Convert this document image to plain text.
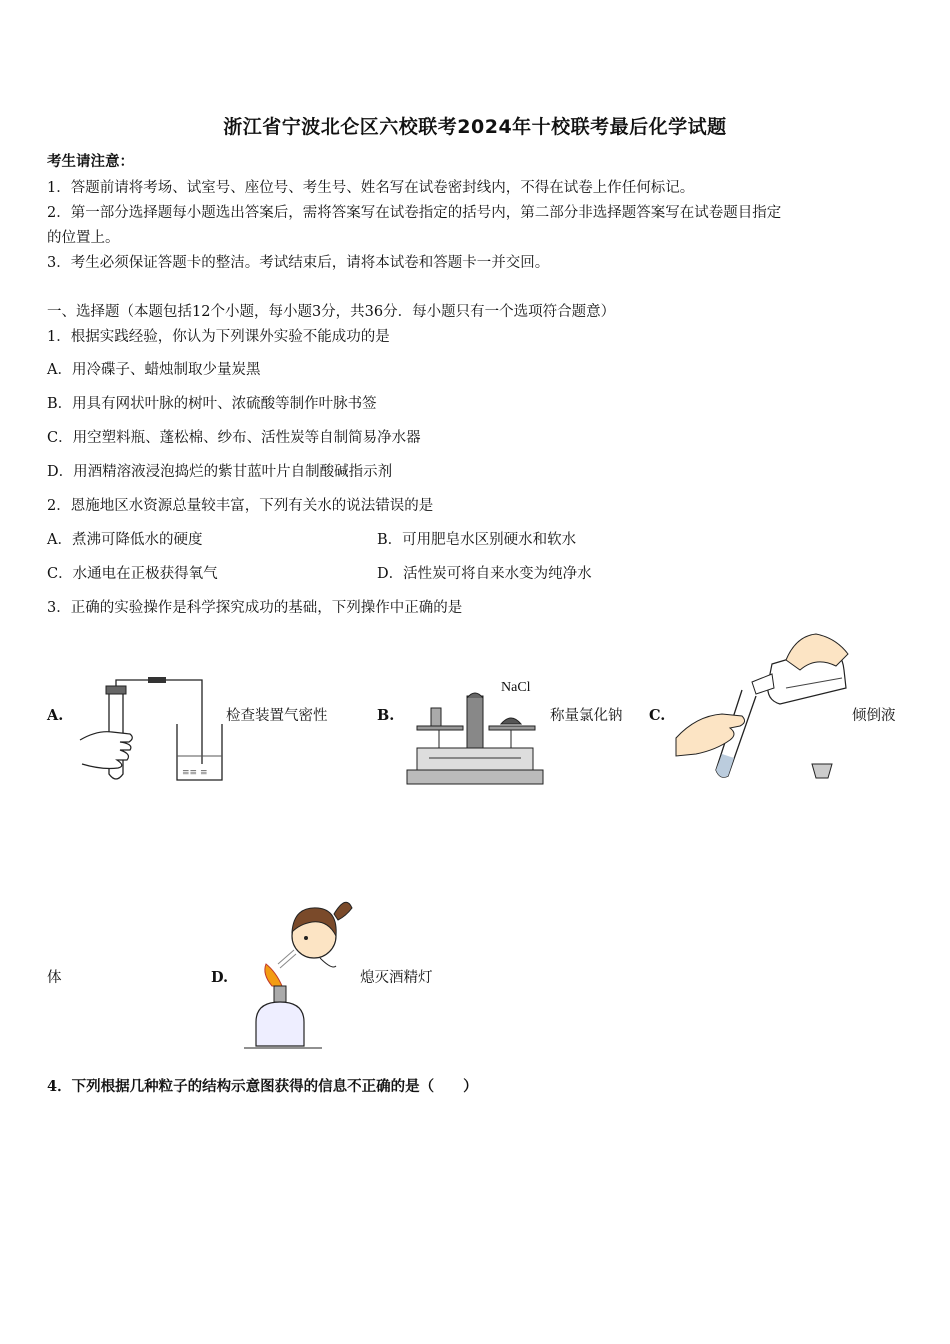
浙江省宁波北仑区六校联考2024年十校联考最后化学试题
考生请注意：
1．答题前请将考场、试室号、座位号、考生号、姓名写在试卷密封线内，不得在试卷上作任何标记。
2．第一部分选择题每小题选出答案后，需将答案写在试卷指定的括号内，第二部分非选择题答案写在试卷题目指定
的位置上。
3．考生必须保证答题卡的整洁。考试结束后，请将本试卷和答题卡一并交回。
一、选择题（本题包括12个小题，每小题3分，共36分．每小题只有一个选项符合题意）
1．根据实践经验，你认为下列课外实验不能成功的是
A．用冷碟子、蜡烛制取少量炭黑
B．用具有网状叶脉的树叶、浓硫酸等制作叶脉书签
C．用空塑料瓶、蓬松棉、纱布、活性炭等自制简易净水器
D．用酒精溶液浸泡捣烂的紫甘蓝叶片自制酸碱指示剂
2．恩施地区水资源总量较丰富，下列有关水的说法错误的是
A．煮沸可降低水的硬度	B．可用肥皂水区别硬水和软水
C．水通电在正极获得氧气	D．活性炭可将自来水变为纯净水
3．正确的实验操作是科学探究成功的基础，下列操作中正确的是
A.
≡≡ ≡
检查装置气密性	B.
NaCl
称量氯化钠 C.	倾倒液
体	D.	熄灭酒精灯
4．下列根据几种粒子的结构示意图获得的信息不正确的是（　　）
